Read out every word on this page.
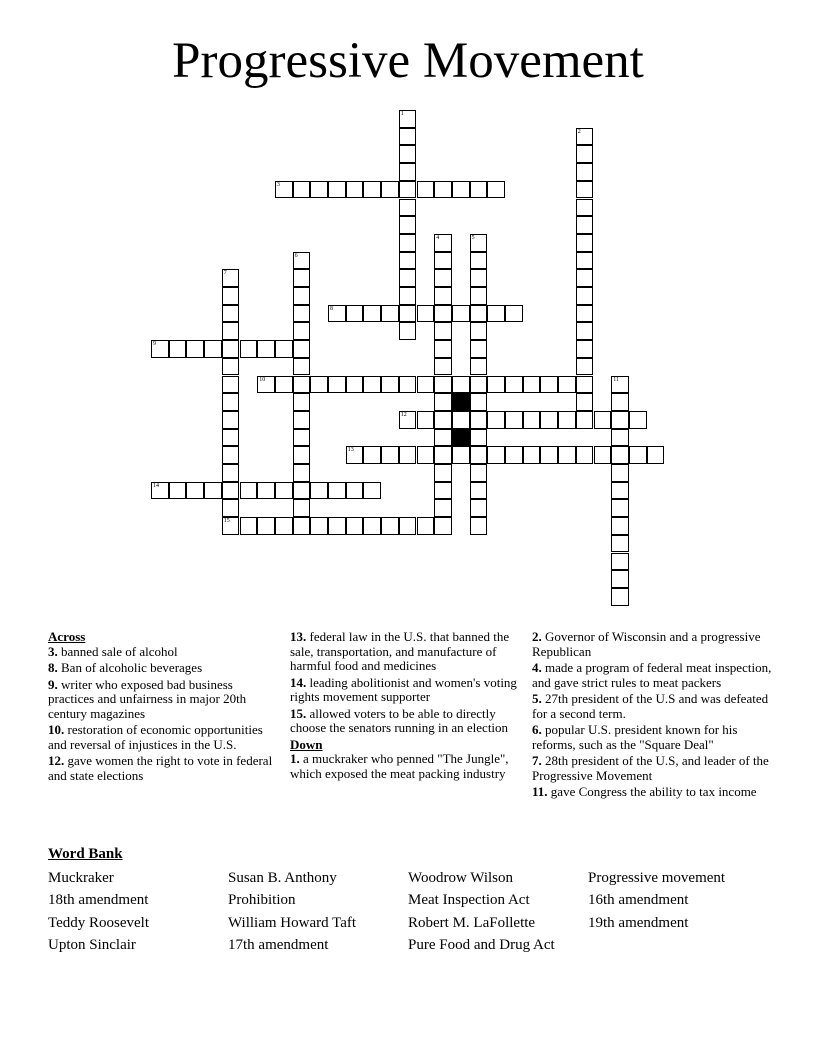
Progressive Movement
1
2
3
4	5
6
7
8
9
10	11
12
13
14
15
Across
3. banned sale of alcohol
8. Ban of alcoholic beverages
9. writer who exposed bad business practices and unfairness in major 20th century magazines
10. restoration of economic opportunities and reversal of injustices in the U.S.
12. gave women the right to vote in federal and state elections
13. federal law in the U.S. that banned the sale, transportation, and manufacture of harmful food and medicines
14. leading abolitionist and women's voting rights movement supporter
15. allowed voters to be able to directly choose the senators running in an election
Down
1. a muckraker who penned "The Jungle", which exposed the meat packing industry
2. Governor of Wisconsin and a progressive Republican
4. made a program of federal meat inspection, and gave strict rules to meat packers
5. 27th president of the U.S and was defeated for a second term.
6. popular U.S. president known for his reforms, such as the "Square Deal"
7. 28th president of the U.S, and leader of the Progressive Movement
11. gave Congress the ability to tax income
Word Bank
Muckraker	Susan B. Anthony	Woodrow Wilson	Progressive movement
18th amendment	Prohibition	Meat Inspection Act	16th amendment
Teddy Roosevelt	William Howard Taft	Robert M. LaFollette	19th amendment
Upton Sinclair	17th amendment	Pure Food and Drug Act
